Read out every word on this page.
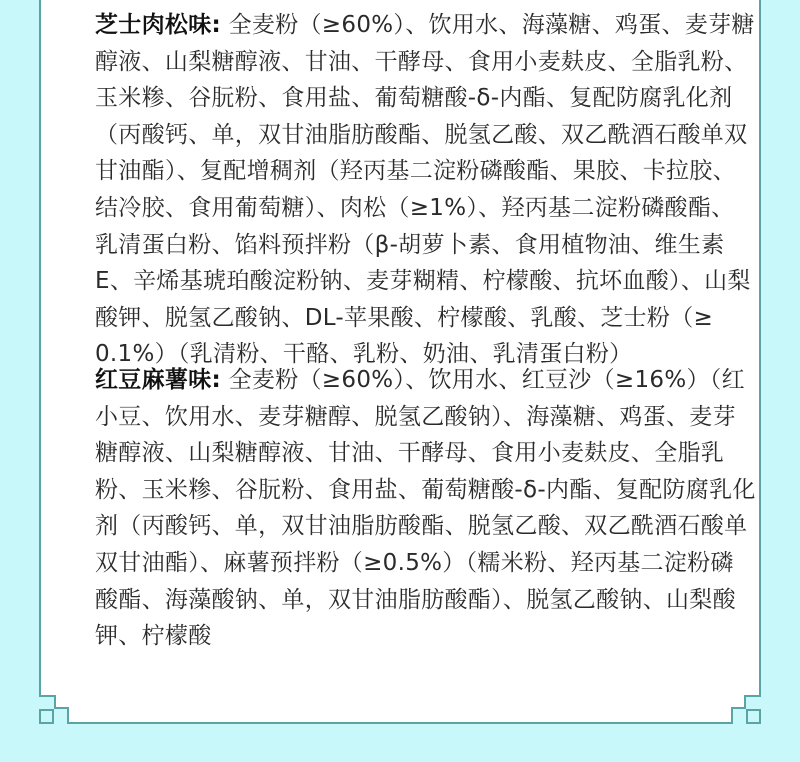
芝士肉松味: 全麦粉（≥60%）、饮用水、海藻糖、鸡蛋、麦芽糖
醇液、山梨糖醇液、甘油、干酵母、食用小麦麸皮、全脂乳粉、
玉米糁、谷朊粉、食用盐、葡萄糖酸-δ-内酯、复配防腐乳化剂
（丙酸钙、单，双甘油脂肪酸酯、脱氢乙酸、双乙酰酒石酸单双
甘油酯）、复配增稠剂（羟丙基二淀粉磷酸酯、果胶、卡拉胶、
结冷胶、食用葡萄糖）、肉松（≥1%）、羟丙基二淀粉磷酸酯、
乳清蛋白粉、馅料预拌粉（β-胡萝卜素、食用植物油、维生素
E、辛烯基琥珀酸淀粉钠、麦芽糊精、柠檬酸、抗坏血酸）、山梨
酸钾、脱氢乙酸钠、DL-苹果酸、柠檬酸、乳酸、芝士粉（≥
0.1%）（乳清粉、干酪、乳粉、奶油、乳清蛋白粉）
红豆麻薯味: 全麦粉（≥60%）、饮用水、红豆沙（≥16%）（红
小豆、饮用水、麦芽糖醇、脱氢乙酸钠）、海藻糖、鸡蛋、麦芽
糖醇液、山梨糖醇液、甘油、干酵母、食用小麦麸皮、全脂乳
粉、玉米糁、谷朊粉、食用盐、葡萄糖酸-δ-内酯、复配防腐乳化
剂（丙酸钙、单，双甘油脂肪酸酯、脱氢乙酸、双乙酰酒石酸单
双甘油酯）、麻薯预拌粉（≥0.5%）（糯米粉、羟丙基二淀粉磷
酸酯、海藻酸钠、单，双甘油脂肪酸酯）、脱氢乙酸钠、山梨酸
钾、柠檬酸
